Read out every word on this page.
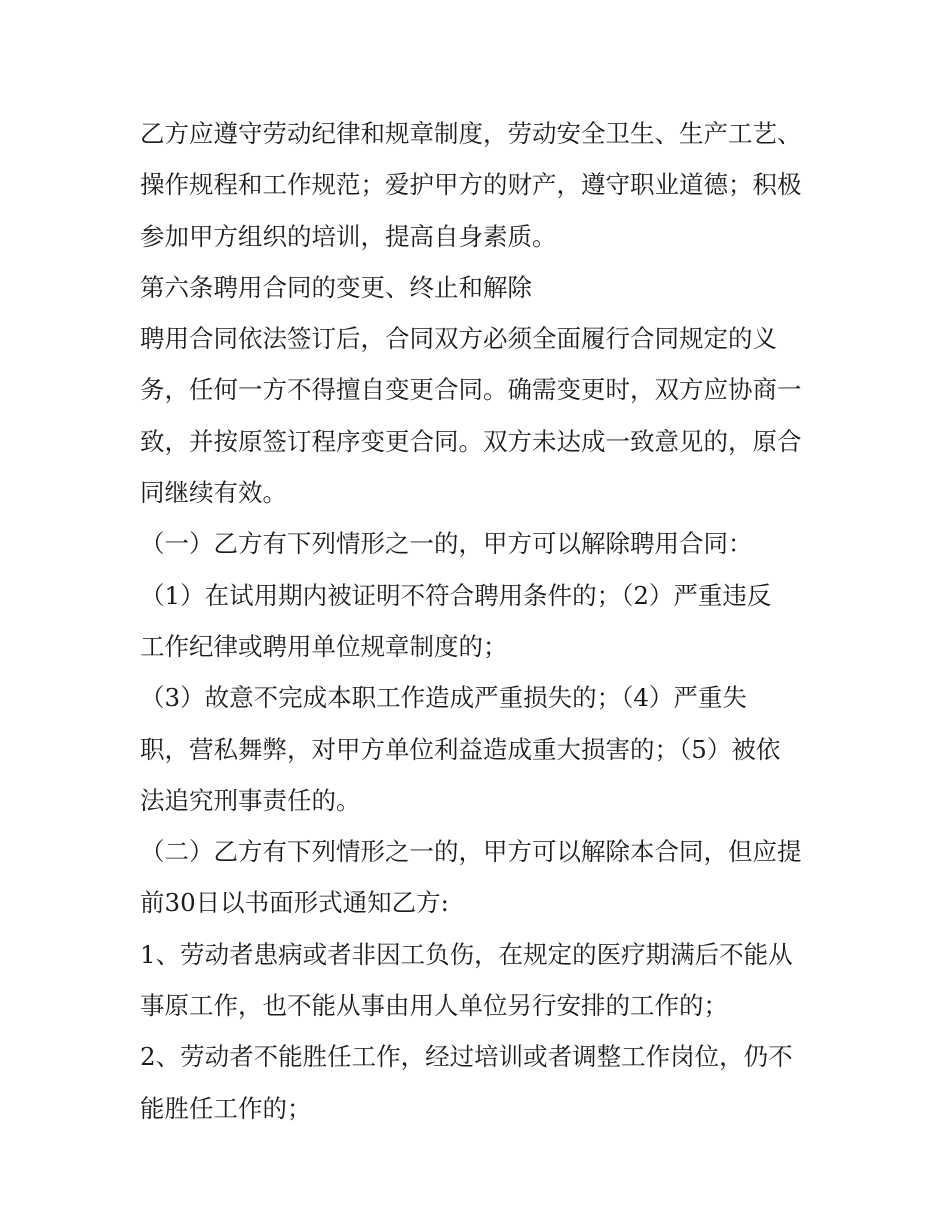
乙方应遵守劳动纪律和规章制度，劳动安全卫生、生产工艺、

操作规程和工作规范；爱护甲方的财产，遵守职业道德；积极

参加甲方组织的培训，提高自身素质。

第六条聘用合同的变更、终止和解除

聘用合同依法签订后，合同双方必须全面履行合同规定的义

务，任何一方不得擅自变更合同。确需变更时，双方应协商一

致，并按原签订程序变更合同。双方未达成一致意见的，原合

同继续有效。

（一）乙方有下列情形之一的，甲方可以解除聘用合同：

（1）在试用期内被证明不符合聘用条件的；（2）严重违反

工作纪律或聘用单位规章制度的；

（3）故意不完成本职工作造成严重损失的；（4）严重失

职，营私舞弊，对甲方单位利益造成重大损害的；（5）被依

法追究刑事责任的。

（二）乙方有下列情形之一的，甲方可以解除本合同，但应提

前30日以书面形式通知乙方:

1、劳动者患病或者非因工负伤，在规定的医疗期满后不能从

事原工作，也不能从事由用人单位另行安排的工作的；

2、劳动者不能胜任工作，经过培训或者调整工作岗位，仍不

能胜任工作的；
